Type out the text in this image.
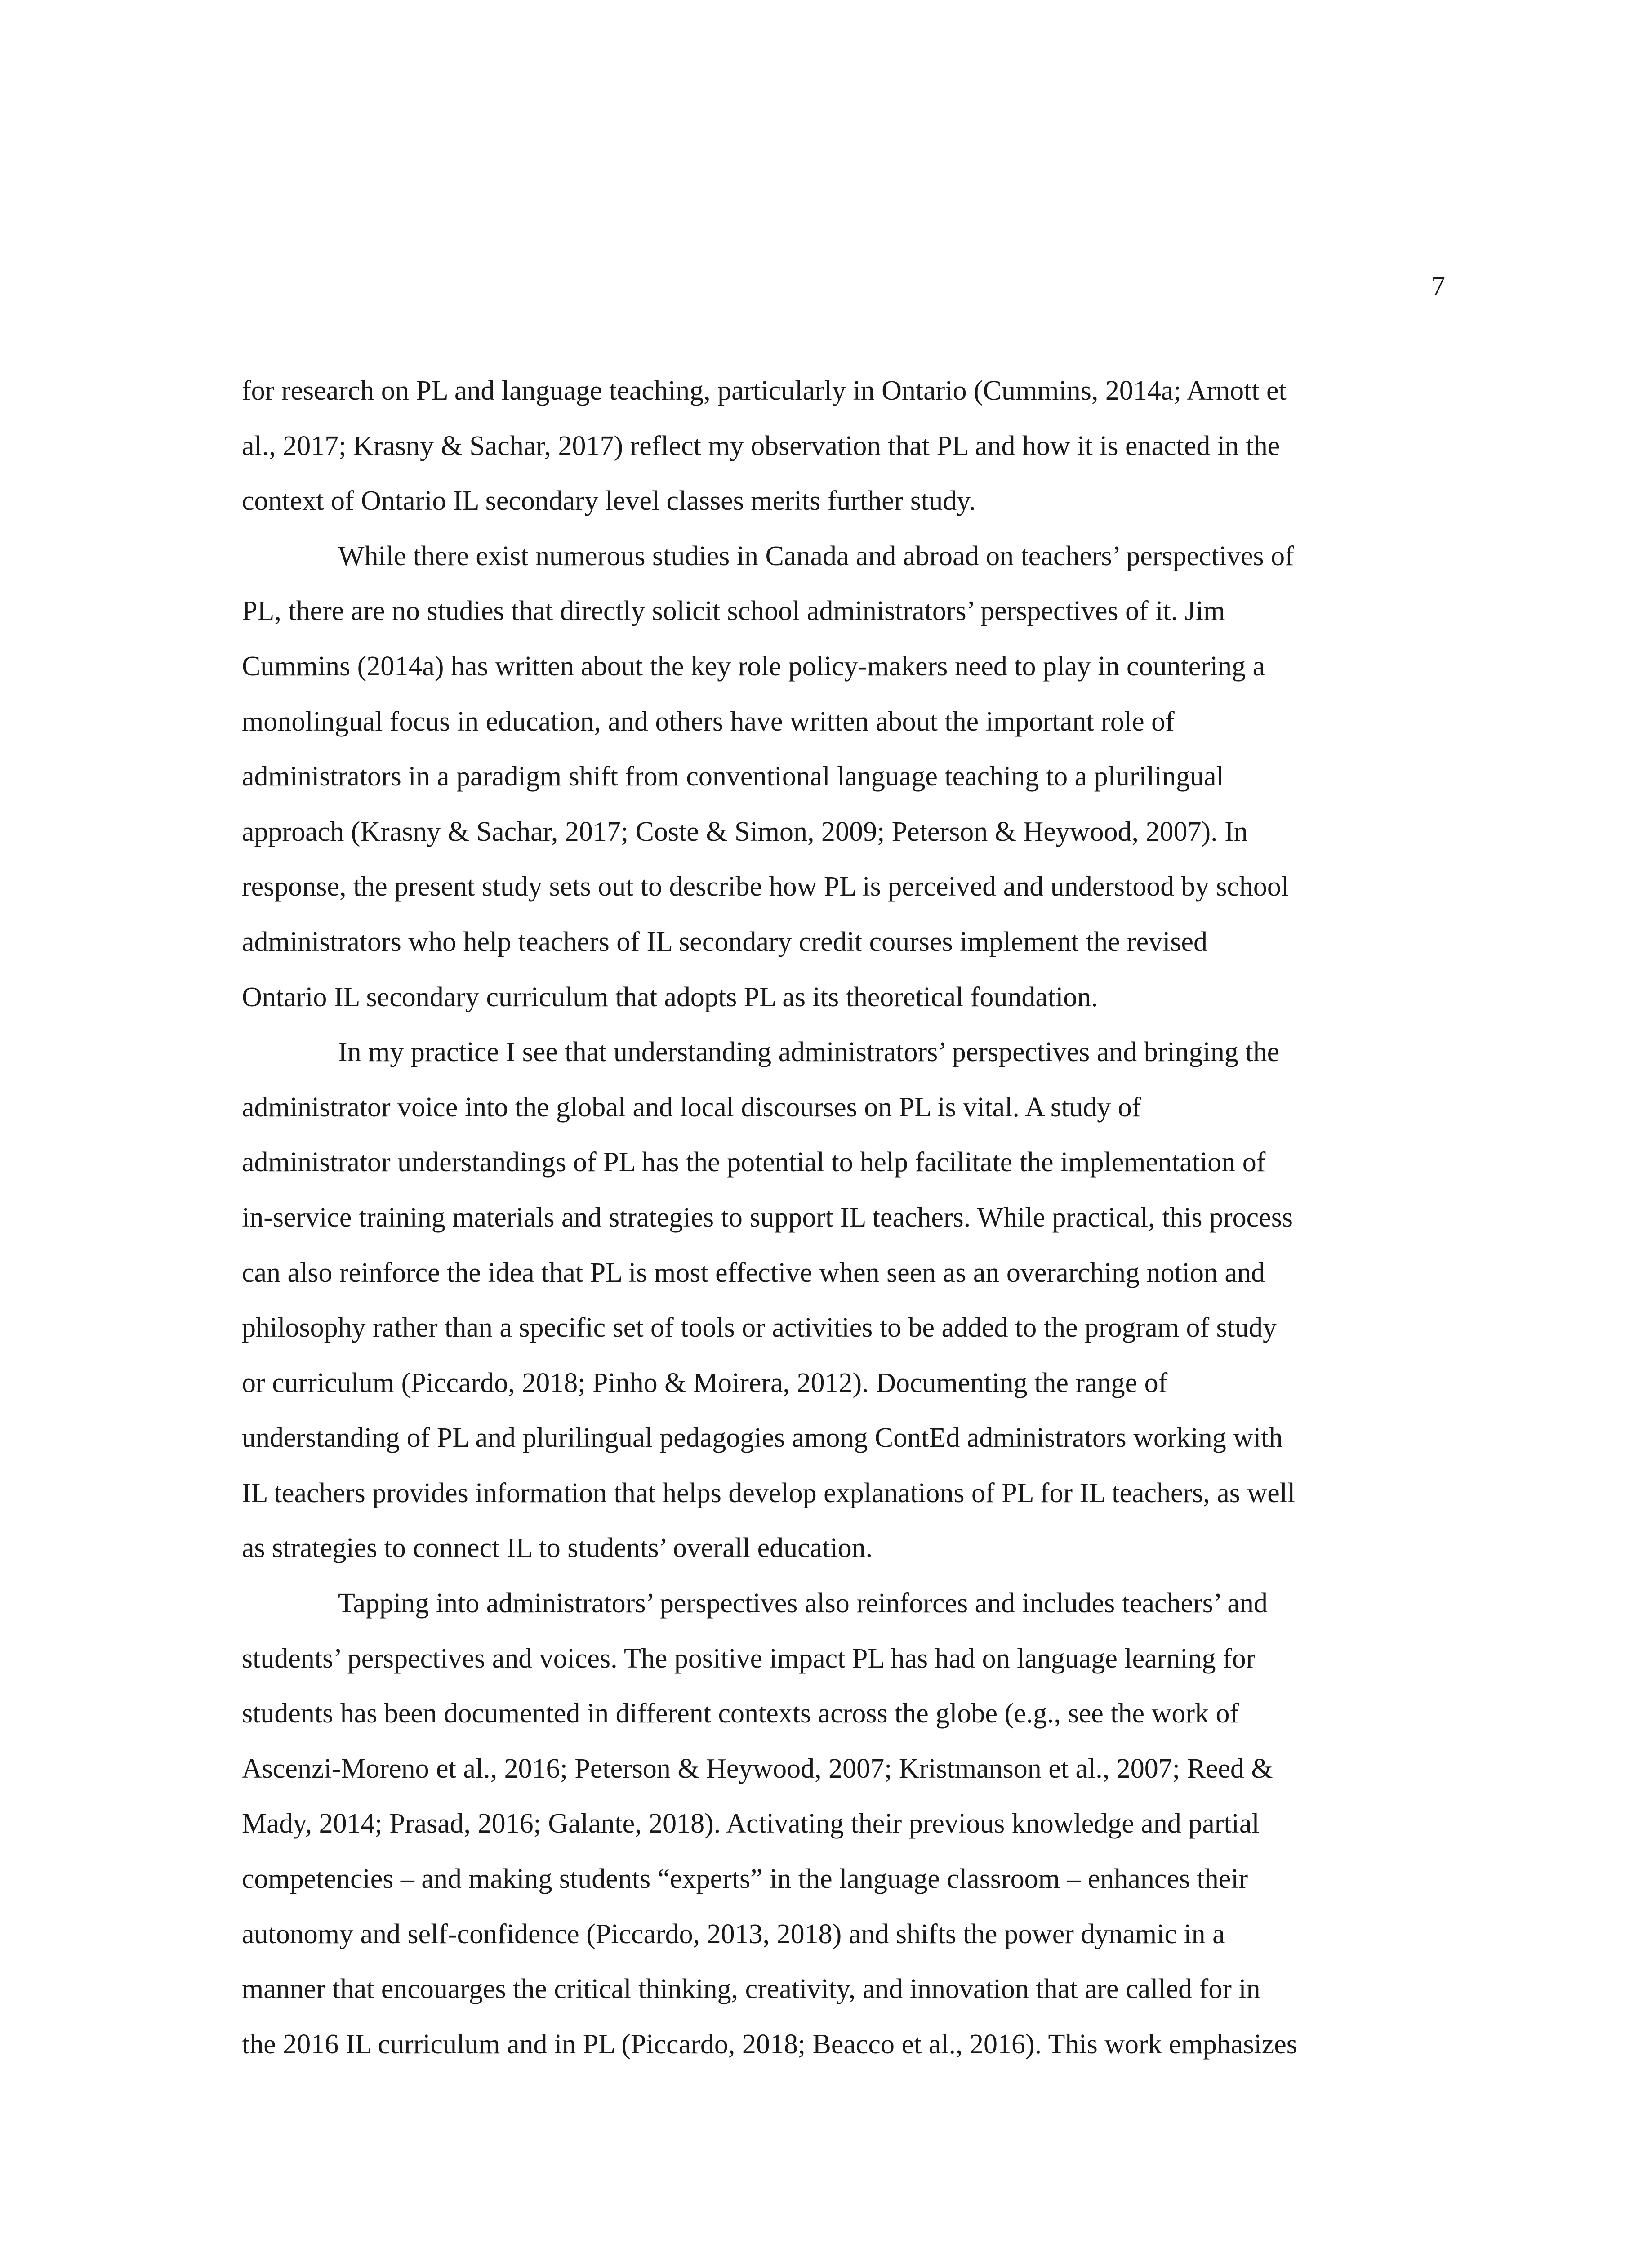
7

for research on PL and language teaching, particularly in Ontario (Cummins, 2014a; Arnott et
al., 2017; Krasny & Sachar, 2017) reflect my observation that PL and how it is enacted in the
context of Ontario IL secondary level classes merits further study.

While there exist numerous studies in Canada and abroad on teachers’ perspectives of
PL, there are no studies that directly solicit school administrators’ perspectives of it. Jim
Cummins (2014a) has written about the key role policy-makers need to play in countering a
monolingual focus in education, and others have written about the important role of
administrators in a paradigm shift from conventional language teaching to a plurilingual
approach (Krasny & Sachar, 2017; Coste & Simon, 2009; Peterson & Heywood, 2007). In
response, the present study sets out to describe how PL is perceived and understood by school
administrators who help teachers of IL secondary credit courses implement the revised
Ontario IL secondary curriculum that adopts PL as its theoretical foundation.

In my practice I see that understanding administrators’ perspectives and bringing the
administrator voice into the global and local discourses on PL is vital. A study of
administrator understandings of PL has the potential to help facilitate the implementation of
in-service training materials and strategies to support IL teachers. While practical, this process
can also reinforce the idea that PL is most effective when seen as an overarching notion and
philosophy rather than a specific set of tools or activities to be added to the program of study
or curriculum (Piccardo, 2018; Pinho & Moirera, 2012). Documenting the range of
understanding of PL and plurilingual pedagogies among ContEd administrators working with
IL teachers provides information that helps develop explanations of PL for IL teachers, as well
as strategies to connect IL to students’ overall education.

Tapping into administrators’ perspectives also reinforces and includes teachers’ and
students’ perspectives and voices. The positive impact PL has had on language learning for
students has been documented in different contexts across the globe (e.g., see the work of
Ascenzi-Moreno et al., 2016; Peterson & Heywood, 2007; Kristmanson et al., 2007; Reed &
Mady, 2014; Prasad, 2016; Galante, 2018). Activating their previous knowledge and partial
competencies – and making students “experts” in the language classroom – enhances their
autonomy and self-confidence (Piccardo, 2013, 2018) and shifts the power dynamic in a
manner that encouarges the critical thinking, creativity, and innovation that are called for in
the 2016 IL curriculum and in PL (Piccardo, 2018; Beacco et al., 2016). This work emphasizes
